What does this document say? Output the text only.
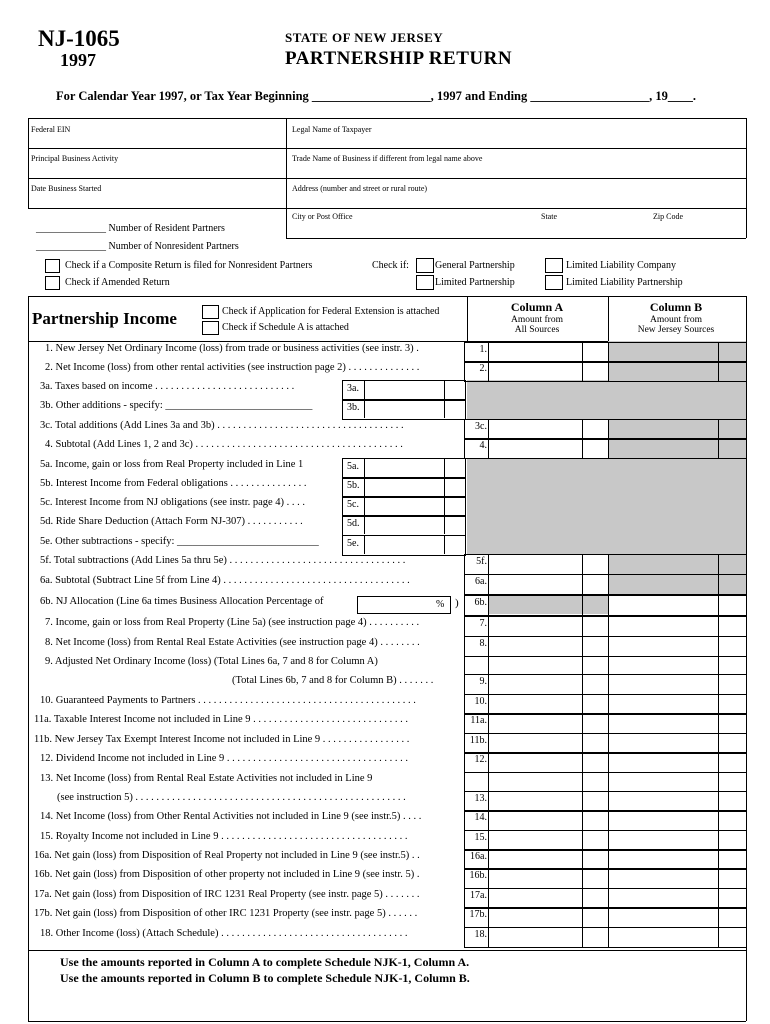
NJ-1065
1997
STATE OF NEW JERSEY
PARTNERSHIP RETURN
For Calendar Year 1997, or Tax Year Beginning ___________________, 1997 and Ending ___________________, 19____.
Federal EIN	Legal Name of Taxpayer
Principal Business Activity	Trade Name of Business if different from legal name above
Date Business Started	Address (number and street or rural route)
City or Post Office	State	Zip Code
______________ Number of Resident Partners
______________ Number of Nonresident Partners
Check if a Composite Return is filed for Nonresident Partners
Check if Amended Return
Check if:	General Partnership
Limited Partnership
Limited Liability Company
Limited Liability Partnership
Partnership Income	Check if Application for Federal Extension is attached
Check if Schedule A is attached
Column A
Amount from
All Sources
Column B
Amount from
New Jersey Sources
1. New Jersey Net Ordinary Income (loss) from trade or business activities (see instr. 3) .	1.
2. Net Income (loss) from other rental activities (see instruction page 2) . . . . . . . . . . . . . .	2.
3a. Taxes based on income . . . . . . . . . . . . . . . . . . . . . . . . . . .	3a.
3b. Other additions - specify: ____________________________	3b.
3c. Total additions (Add Lines 3a and 3b) . . . . . . . . . . . . . . . . . . . . . . . . . . . . . . . . . . . .	3c.
4. Subtotal (Add Lines 1, 2 and 3c) . . . . . . . . . . . . . . . . . . . . . . . . . . . . . . . . . . . . . . . .	4.
5a. Income, gain or loss from Real Property included in Line 1	5a.
5b. Interest Income from Federal obligations . . . . . . . . . . . . . . .	5b.
5c. Interest Income from NJ obligations (see instr. page 4) . . . .	5c.
5d. Ride Share Deduction (Attach Form NJ-307) . . . . . . . . . . .	5d.
5e. Other subtractions - specify: ___________________________	5e.
5f. Total subtractions (Add Lines 5a thru 5e) . . . . . . . . . . . . . . . . . . . . . . . . . . . . . . . . . .	5f.
6a. Subtotal (Subtract Line 5f from Line 4) . . . . . . . . . . . . . . . . . . . . . . . . . . . . . . . . . . . .	6a.
6b. NJ Allocation (Line 6a times Business Allocation Percentage of	6b.
7. Income, gain or loss from Real Property (Line 5a) (see instruction page 4) . . . . . . . . . .	7.
8. Net Income (loss) from Rental Real Estate Activities (see instruction page 4) . . . . . . . .	8.
9. Adjusted Net Ordinary Income (loss) (Total Lines 6a, 7 and 8 for Column A)
(Total Lines 6b, 7 and 8 for Column B) . . . . . . .	9.
10. Guaranteed Payments to Partners . . . . . . . . . . . . . . . . . . . . . . . . . . . . . . . . . . . . . . . . . .	10.
11a. Taxable Interest Income not included in Line 9 . . . . . . . . . . . . . . . . . . . . . . . . . . . . . .	11a.
11b. New Jersey Tax Exempt Interest Income not included in Line 9 . . . . . . . . . . . . . . . . .	11b.
12. Dividend Income not included in Line 9 . . . . . . . . . . . . . . . . . . . . . . . . . . . . . . . . . . .	12.
13. Net Income (loss) from Rental Real Estate Activities not included in Line 9
(see instruction 5) . . . . . . . . . . . . . . . . . . . . . . . . . . . . . . . . . . . . . . . . . . . . . . . . . . . .	13.
14. Net Income (loss) from Other Rental Activities not included in Line 9 (see instr.5) . . . .	14.
15. Royalty Income not included in Line 9 . . . . . . . . . . . . . . . . . . . . . . . . . . . . . . . . . . . .	15.
16a. Net gain (loss) from Disposition of Real Property not included in Line 9 (see instr.5) . .	16a.
16b. Net gain (loss) from Disposition of other property not included in Line 9 (see instr. 5) .	16b.
17a. Net gain (loss) from Disposition of IRC 1231 Real Property (see instr. page 5) . . . . . . .	17a.
17b. Net gain (loss) from Disposition of other IRC 1231 Property (see instr. page 5) . . . . . .	17b.
18. Other Income (loss) (Attach Schedule) . . . . . . . . . . . . . . . . . . . . . . . . . . . . . . . . . . . .	18.
% )
Use the amounts reported in Column A to complete Schedule NJK-1, Column A.
Use the amounts reported in Column B to complete Schedule NJK-1, Column B.
